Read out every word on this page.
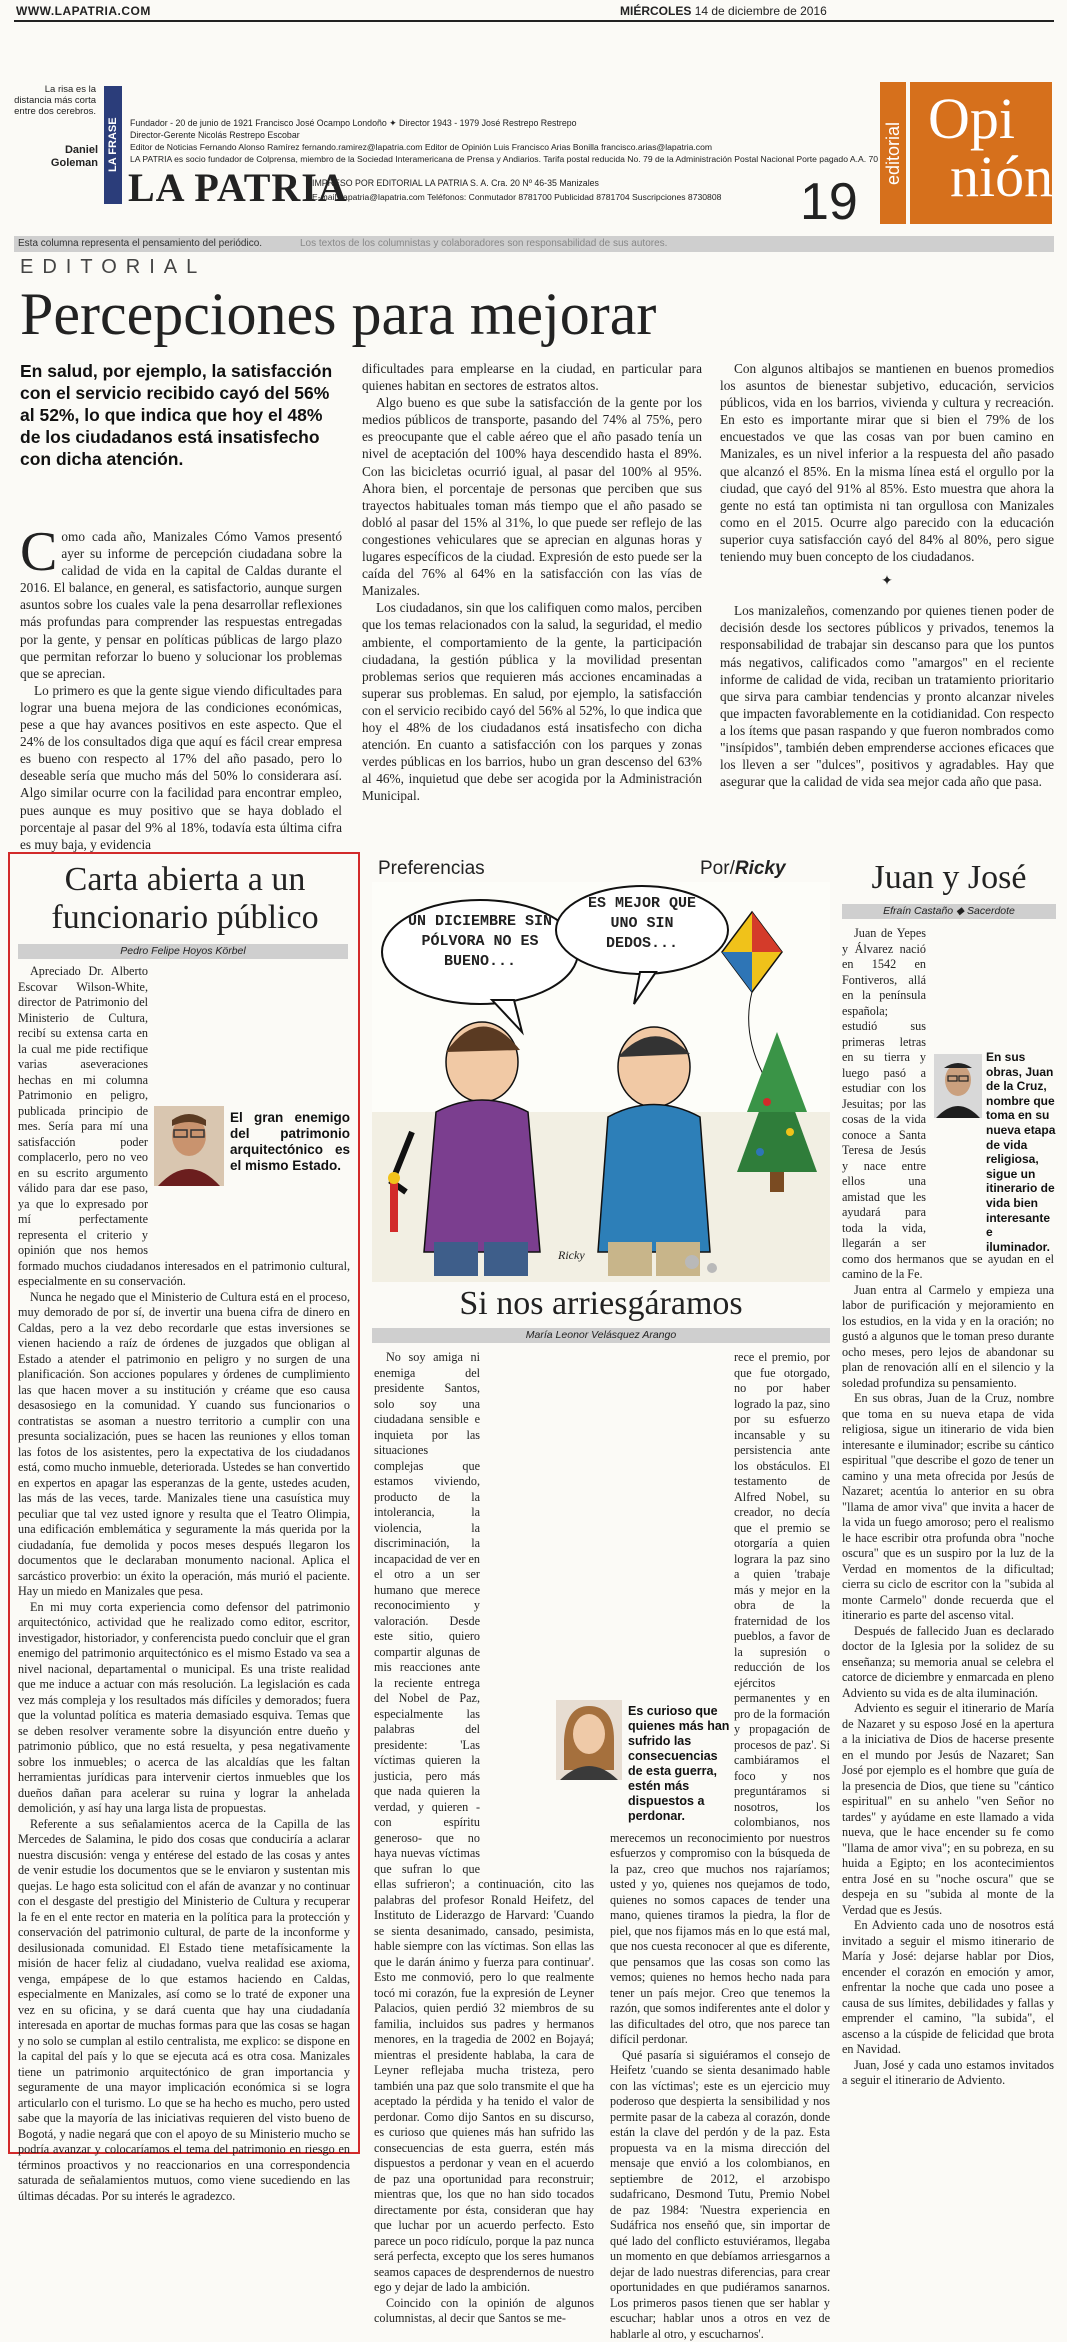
WWW.LAPATRIA.COM	MIÉRCOLES 14 de diciembre de 2016
La risa es la distancia más corta entre dos cerebros.
Daniel Goleman LA FRASE	Fundador - 20 de junio de 1921 Francisco José Ocampo Londoño ✦ Director 1943 - 1979 José Restrepo Restrepo
Director-Gerente Nicolás Restrepo Escobar
Editor de Noticias Fernando Alonso Ramírez fernando.ramirez@lapatria.com Editor de Opinión Luis Francisco Arias Bonilla francisco.arias@lapatria.com
LA PATRIA es socio fundador de Colprensa, miembro de la Sociedad Interamericana de Prensa y Andiarios. Tarifa postal reducida No. 79 de la Administración Postal Nacional Porte pagado A.A. 70
LA PATRIA
IMPRESO POR EDITORIAL LA PATRIA S. A. Cra. 20 Nº 46-35 Manizales
E-mail: lapatria@lapatria.com Teléfonos: Conmutador 8781700 Publicidad 8781704 Suscripciones 8730808 19
editorial
Opi
nión
Esta columna representa el pensamiento del periódico.	Los textos de los columnistas y colaboradores son responsabilidad de sus autores.
EDITORIAL
Percepciones para mejorar
En salud, por ejemplo, la satisfacción con el servicio recibido cayó del 56% al 52%, lo que indica que hoy el 48% de los ciudadanos está insatisfecho con dicha atención.

Como cada año, Manizales Cómo Vamos presentó ayer su informe de percepción ciudadana sobre la calidad de vida en la capital de Caldas durante el 2016. El balance, en general, es satisfactorio, aunque surgen asuntos sobre los cuales vale la pena desarrollar reflexiones más profundas para comprender las respuestas entregadas por la gente, y pensar en políticas públicas de largo plazo que permitan reforzar lo bueno y solucionar los problemas que se aprecian.

Lo primero es que la gente sigue viendo dificultades para lograr una buena mejora de las condiciones económicas, pese a que hay avances positivos en este aspecto. Que el 24% de los consultados diga que aquí es fácil crear empresa es bueno con respecto al 17% del año pasado, pero lo deseable sería que mucho más del 50% lo considerara así. Algo similar ocurre con la facilidad para encontrar empleo, pues aunque es muy positivo que se haya doblado el porcentaje al pasar del 9% al 18%, todavía esta última cifra es muy baja, y evidencia

dificultades para emplearse en la ciudad, en particular para quienes habitan en sectores de estratos altos.

Algo bueno es que sube la satisfacción de la gente por los medios públicos de transporte, pasando del 74% al 75%, pero es preocupante que el cable aéreo que el año pasado tenía un nivel de aceptación del 100% haya descendido hasta el 89%. Con las bicicletas ocurrió igual, al pasar del 100% al 95%. Ahora bien, el porcentaje de personas que perciben que sus trayectos habituales toman más tiempo que el año pasado se dobló al pasar del 15% al 31%, lo que puede ser reflejo de las congestiones vehiculares que se aprecian en algunas horas y lugares específicos de la ciudad. Expresión de esto puede ser la caída del 76% al 64% en la satisfacción con las vías de Manizales.

Los ciudadanos, sin que los califiquen como malos, perciben que los temas relacionados con la salud, la seguridad, el medio ambiente, el comportamiento de la gente, la participación ciudadana, la gestión pública y la movilidad presentan problemas serios que requieren más acciones encaminadas a superar sus problemas. En salud, por ejemplo, la satisfacción con el servicio recibido cayó del 56% al 52%, lo que indica que hoy el 48% de los ciudadanos está insatisfecho con dicha atención. En cuanto a satisfacción con los parques y zonas verdes públicas en los barrios, hubo un gran descenso del 63% al 46%, inquietud que debe ser acogida por la Administración Municipal.

Con algunos altibajos se mantienen en buenos promedios los asuntos de bienestar subjetivo, educación, servicios públicos, vida en los barrios, vivienda y cultura y recreación. En esto es importante mirar que si bien el 79% de los encuestados ve que las cosas van por buen camino en Manizales, es un nivel inferior a la respuesta del año pasado que alcanzó el 85%. En la misma línea está el orgullo por la ciudad, que cayó del 91% al 85%. Esto muestra que ahora la gente no está tan optimista ni tan orgullosa con Manizales como en el 2015. Ocurre algo parecido con la educación superior cuya satisfacción cayó del 84% al 80%, pero sigue teniendo muy buen concepto de los ciudadanos.

✦

Los manizaleños, comenzando por quienes tienen poder de decisión desde los sectores públicos y privados, tenemos la responsabilidad de trabajar sin descanso para que los puntos más negativos, calificados como "amargos" en el reciente informe de calidad de vida, reciban un tratamiento prioritario que sirva para cambiar tendencias y pronto alcanzar niveles que impacten favorablemente en la cotidianidad. Con respecto a los ítems que pasan raspando y que fueron nombrados como "insípidos", también deben emprenderse acciones eficaces que los lleven a ser "dulces", positivos y agradables. Hay que asegurar que la calidad de vida sea mejor cada año que pasa.

Carta abierta a un
funcionario público
Pedro Felipe Hoyos Körbel
El gran enemigo del patrimonio arquitectónico es el mismo Estado.

Apreciado Dr. Alberto Escovar Wilson-White, director de Patrimonio del Ministerio de Cultura, recibí su extensa carta en la cual me pide rectifique varias aseveraciones hechas en mi columna Patrimonio en peligro, publicada principio de mes. Sería para mí una satisfacción poder complacerlo, pero no veo en su escrito argumento válido para dar ese paso, ya que lo expresado por mí perfectamente representa el criterio y opinión que nos hemos formado muchos ciudadanos interesados en el patrimonio cultural, especialmente en su conservación.

Nunca he negado que el Ministerio de Cultura está en el proceso, muy demorado de por sí, de invertir una buena cifra de dinero en Caldas, pero a la vez debo recordarle que estas inversiones se vienen haciendo a raíz de órdenes de juzgados que obligan al Estado a atender el patrimonio en peligro y no surgen de una planificación. Son acciones populares y órdenes de cumplimiento las que hacen mover a su institución y créame que eso causa desasosiego en la comunidad. Y cuando sus funcionarios o contratistas se asoman a nuestro territorio a cumplir con una presunta socialización, pues se hacen las reuniones y ellos toman las fotos de los asistentes, pero la expectativa de los ciudadanos está, como mucho inmueble, deteriorada. Ustedes se han convertido en expertos en apagar las esperanzas de la gente, ustedes acuden, las más de las veces, tarde. Manizales tiene una casuística muy peculiar que tal vez usted ignore y resulta que el Teatro Olimpia, una edificación emblemática y seguramente la más querida por la ciudadanía, fue demolida y pocos meses después llegaron los documentos que le declaraban monumento nacional. Aplica el sarcástico proverbio: un éxito la operación, más murió el paciente. Hay un miedo en Manizales que pesa.

En mi muy corta experiencia como defensor del patrimonio arquitectónico, actividad que he realizado como editor, escritor, investigador, historiador, y conferencista puedo concluir que el gran enemigo del patrimonio arquitectónico es el mismo Estado va sea a nivel nacional, departamental o municipal. Es una triste realidad que me induce a actuar con más resolución. La legislación es cada vez más compleja y los resultados más difíciles y demorados; fuera que la voluntad política es materia demasiado esquiva. Temas que se deben resolver veramente sobre la disyunción entre dueño y patrimonio público, que no está resuelta, y pesa negativamente sobre los inmuebles; o acerca de las alcaldías que les faltan herramientas jurídicas para intervenir ciertos inmuebles que los dueños dañan para acelerar su ruina y lograr la anhelada demolición, y así hay una larga lista de propuestas.

Referente a sus señalamientos acerca de la Capilla de las Mercedes de Salamina, le pido dos cosas que conduciría a aclarar nuestra discusión: venga y entérese del estado de las cosas y antes de venir estudie los documentos que se le enviaron y sustentan mis quejas. Le hago esta solicitud con el afán de avanzar y no continuar con el desgaste del prestigio del Ministerio de Cultura y recuperar la fe en el ente rector en materia en la política para la protección y conservación del patrimonio cultural, de parte de la inconforme y desilusionada comunidad. El Estado tiene metafísicamente la misión de hacer feliz al ciudadano, vuelva realidad ese axioma, venga, empápese de lo que estamos haciendo en Caldas, especialmente en Manizales, así como se lo traté de exponer una vez en su oficina, y se dará cuenta que hay una ciudadanía interesada en aportar de muchas formas para que las cosas se hagan y no solo se cumplan al estilo centralista, me explico: se dispone en la capital del país y lo que se ejecuta acá es otra cosa. Manizales tiene un patrimonio arquitectónico de gran importancia y seguramente de una mayor implicación económica si se logra articularlo con el turismo. Lo que se ha hecho es mucho, pero usted sabe que la mayoría de las iniciativas requieren del visto bueno de Bogotá, y nadie negará que con el apoyo de su Ministerio mucho se podría avanzar y colocaríamos el tema del patrimonio en riesgo en términos proactivos y no reaccionarios en una correspondencia saturada de señalamientos mutuos, como viene sucediendo en las últimas décadas. Por su interés le agradezco.

Preferencias	Por/Ricky
UN DICIEMBRE SIN PÓLVORA NO ES BUENO...
ES MEJOR QUE UNO SIN DEDOS...
Ricky
Si nos arriesgáramos
María Leonor Velásquez Arango

No soy amiga ni enemiga del presidente Santos, solo soy una ciudadana sensible e inquieta por las situaciones complejas que estamos viviendo, producto de la intolerancia, la violencia, la discriminación, la incapacidad de ver en el otro a un ser humano que merece reconocimiento y valoración. Desde este sitio, quiero compartir algunas de mis reacciones ante la reciente entrega del Nobel de Paz, especialmente las palabras del presidente: 'Las víctimas quieren la justicia, pero más que nada quieren la verdad, y quieren -con espíritu generoso- que no haya nuevas víctimas que sufran lo que ellas sufrieron'; a continuación, cito las palabras del profesor Ronald Heifetz, del Instituto de Liderazgo de Harvard: 'Cuando se sienta desanimado, cansado, pesimista, hable siempre con las víctimas. Son ellas las que le darán ánimo y fuerza para continuar'. Esto me conmovió, pero lo que realmente tocó mi corazón, fue la expresión de Leyner Palacios, quien perdió 32 miembros de su familia, incluidos sus padres y hermanos menores, en la tragedia de 2002 en Bojayá; mientras el presidente hablaba, la cara de Leyner reflejaba mucha tristeza, pero también una paz que solo transmite el que ha aceptado la pérdida y ha tenido el valor de perdonar. Como dijo Santos en su discurso, es curioso que quienes más han sufrido las consecuencias de esta guerra, estén más dispuestos a perdonar y vean en el acuerdo de paz una oportunidad para reconstruir; mientras que, los que no han sido tocados directamente por ésta, consideran que hay que luchar por un acuerdo perfecto. Esto parece un poco ridículo, porque la paz nunca será perfecta, excepto que los seres humanos seamos capaces de desprendernos de nuestro ego y dejar de lado la ambición.

Coincido con la opinión de algunos columnistas, al decir que Santos se me-

Es curioso que quienes más han sufrido las consecuencias de esta guerra, estén más dispuestos a perdonar.

rece el premio, por que fue otorgado, no por haber logrado la paz, sino por su esfuerzo incansable y su persistencia ante los obstáculos. El testamento de Alfred Nobel, su creador, no decía que el premio se otorgaría a quien lograra la paz sino a quien 'trabaje más y mejor en la obra de la fraternidad de los pueblos, a favor de la supresión o reducción de los ejércitos permanentes y en pro de la formación y propagación de procesos de paz'. Si cambiáramos el foco y nos preguntáramos si nosotros, los colombianos, nos merecemos un reconocimiento por nuestros esfuerzos y compromiso con la búsqueda de la paz, creo que muchos nos rajaríamos; usted y yo, quienes nos quejamos de todo, quienes no somos capaces de tender una mano, quienes tiramos la piedra, la flor de piel, que nos fijamos más en lo que está mal, que nos cuesta reconocer al que es diferente, que pensamos que las cosas son como las vemos; quienes no hemos hecho nada para tener un país mejor. Creo que tenemos la razón, que somos indiferentes ante el dolor y las dificultades del otro, que nos parece tan difícil perdonar.

Qué pasaría si siguiéramos el consejo de Heifetz 'cuando se sienta desanimado hable con las víctimas'; este es un ejercicio muy poderoso que despierta la sensibilidad y nos permite pasar de la cabeza al corazón, donde están la clave del perdón y de la paz. Esta propuesta va en la misma dirección del mensaje que envió a los colombianos, en septiembre de 2012, el arzobispo sudafricano, Desmond Tutu, Premio Nobel de paz 1984: 'Nuestra experiencia en Sudáfrica nos enseñó que, sin importar de qué lado del conflicto estuviéramos, llegaba un momento en que debíamos arriesgarnos a dejar de lado nuestras diferencias, para crear oportunidades en que pudiéramos sanarnos. Los primeros pasos tienen que ser hablar y escuchar; hablar unos a otros en vez de hablarle al otro, y escucharnos'.

Juan y José
Efraín Castaño ◆ Sacerdote

Juan de Yepes y Álvarez nació en 1542 en Fontiveros, allá en la península española; estudió sus primeras letras en su tierra y luego pasó a estudiar con los Jesuitas; por las cosas de la vida conoce a Santa Teresa de Jesús y nace entre ellos una amistad que les ayudará para toda la vida, llegarán a ser como dos hermanos que se ayudan en el camino de la Fe.

Juan entra al Carmelo y empieza una labor de purificación y mejoramiento en los estudios, en la vida y en la oración; no gustó a algunos que le toman preso durante ocho meses, pero lejos de abandonar su plan de renovación allí en el silencio y la soledad profundiza su pensamiento.

En sus obras, Juan de la Cruz, nombre que toma en su nueva etapa de vida religiosa, sigue un itinerario de vida bien interesante e iluminador; escribe su cántico espiritual "que describe el gozo de tener un camino y una meta ofrecida por Jesús de Nazaret; acentúa lo anterior en su obra "llama de amor viva" que invita a hacer de la vida un fuego amoroso; pero el realismo le hace escribir otra profunda obra "noche oscura" que es un suspiro por la luz de la Verdad en momentos de la dificultad; cierra su ciclo de escritor con la "subida al monte Carmelo" donde recuerda que el itinerario es parte del ascenso vital.

Después de fallecido Juan es declarado doctor de la Iglesia por la solidez de su enseñanza; su memoria anual se celebra el catorce de diciembre y enmarcada en pleno Adviento su vida es de alta iluminación.

Adviento es seguir el itinerario de María de Nazaret y su esposo José en la apertura a la iniciativa de Dios de hacerse presente en el mundo por Jesús de Nazaret; San José por ejemplo es el hombre que guía de la presencia de Dios, que tiene su "cántico espiritual" en su anhelo "ven Señor no tardes" y ayúdame en este llamado a vida nueva, que le hace encender su fe como "llama de amor viva"; en su pobreza, en su huida a Egipto; en los acontecimientos entra José en su "noche oscura" que se despeja en su "subida al monte de la Verdad que es Jesús.

En Adviento cada uno de nosotros está invitado a seguir el mismo itinerario de María y José: dejarse hablar por Dios, encender el corazón en emoción y amor, enfrentar la noche que cada uno posee a causa de sus límites, debilidades y fallas y emprender el camino, "la subida", el ascenso a la cúspide de felicidad que brota en Navidad.

Juan, José y cada uno estamos invitados a seguir el itinerario de Adviento.

En sus obras, Juan de la Cruz, nombre que toma en su nueva etapa de vida religiosa, sigue un itinerario de vida bien interesante e iluminador.
